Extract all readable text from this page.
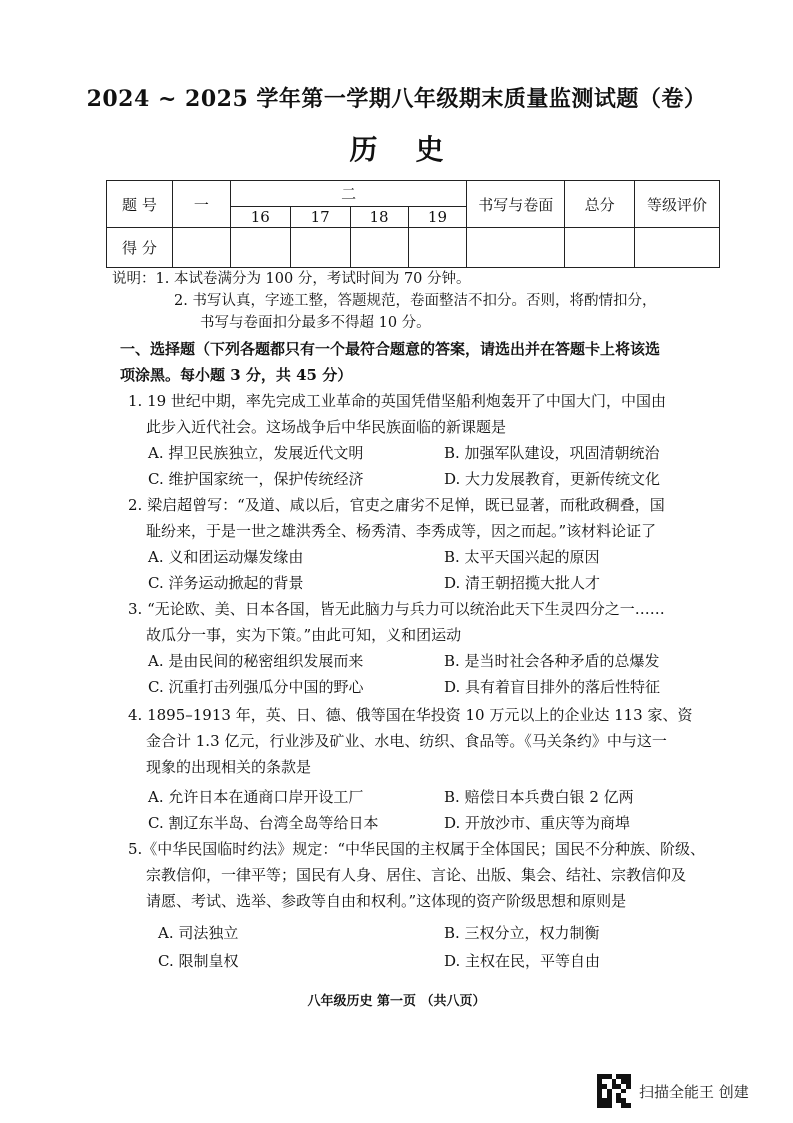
2024 ~ 2025 学年第一学期八年级期末质量监测试题（卷）
历史
题 号	一	二				书写与卷面	总分	等级评价
		16	17	18	19			
得 分								
说明：1. 本试卷满分为 100 分，考试时间为 70 分钟。
2. 书写认真，字迹工整，答题规范，卷面整洁不扣分。否则，将酌情扣分，
书写与卷面扣分最多不得超 10 分。
一、选择题（下列各题都只有一个最符合题意的答案，请选出并在答题卡上将该选
项涂黑。每小题 3 分，共 45 分）
1. 19 世纪中期，率先完成工业革命的英国凭借坚船利炮轰开了中国大门，中国由
此步入近代社会。这场战争后中华民族面临的新课题是
A. 捍卫民族独立，发展近代文明	B. 加强军队建设，巩固清朝统治
C. 维护国家统一，保护传统经济	D. 大力发展教育，更新传统文化
2. 梁启超曾写：“及道、咸以后，官吏之庸劣不足惮，既已显著，而秕政稠叠，国
耻纷来，于是一世之雄洪秀全、杨秀清、李秀成等，因之而起。”该材料论证了
A. 义和团运动爆发缘由	B. 太平天国兴起的原因
C. 洋务运动掀起的背景	D. 清王朝招揽大批人才
3. “无论欧、美、日本各国，皆无此脑力与兵力可以统治此天下生灵四分之一……
故瓜分一事，实为下策。”由此可知，义和团运动
A. 是由民间的秘密组织发展而来	B. 是当时社会各种矛盾的总爆发
C. 沉重打击列强瓜分中国的野心	D. 具有着盲目排外的落后性特征
4. 1895–1913 年，英、日、德、俄等国在华投资 10 万元以上的企业达 113 家、资
金合计 1.3 亿元，行业涉及矿业、水电、纺织、食品等。《马关条约》中与这一
现象的出现相关的条款是
A. 允许日本在通商口岸开设工厂	B. 赔偿日本兵费白银 2 亿两
C. 割辽东半岛、台湾全岛等给日本	D. 开放沙市、重庆等为商埠
5.《中华民国临时约法》规定：“中华民国的主权属于全体国民；国民不分种族、阶级、
宗教信仰，一律平等；国民有人身、居住、言论、出版、集会、结社、宗教信仰及
请愿、考试、选举、参政等自由和权利。”这体现的资产阶级思想和原则是
A. 司法独立	B. 三权分立，权力制衡
C. 限制皇权	D. 主权在民，平等自由
八年级历史 第一页 （共八页）
扫描全能王 创建
